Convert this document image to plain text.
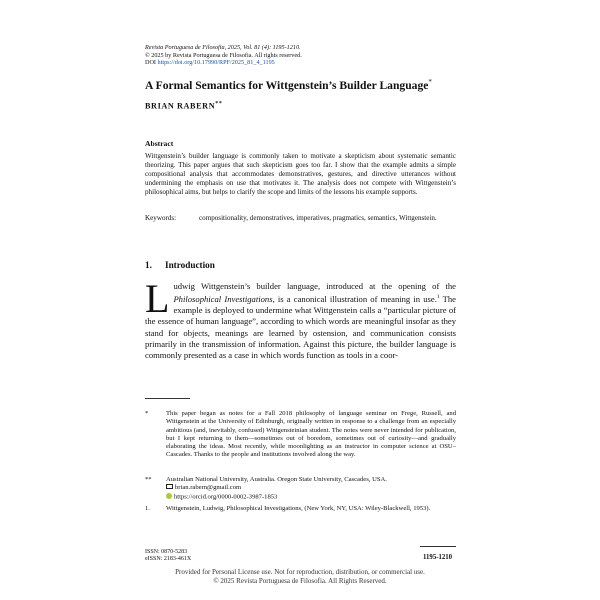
Revista Portuguesa de Filosofia, 2025, Vol. 81 (4): 1195-1210.
© 2025 by Revista Portuguesa de Filosofia. All rights reserved.
DOI https://doi.org/10.17990/RPF/2025_81_4_1195
A Formal Semantics for Wittgenstein’s Builder Language*
BRIAN RABERN**
Abstract

Wittgenstein’s builder language is commonly taken to motivate a skepticism about systematic semantic theorizing. This paper argues that such skepticism goes too far. I show that the example admits a simple compositional analysis that accommodates demonstratives, gestures, and directive utterances without undermining the emphasis on use that motivates it. The analysis does not compete with Wittgenstein’s philosophical aims, but helps to clarify the scope and limits of the lessons his example supports.

Keywords:	compositionality, demonstratives, imperatives, pragmatics, semantics, Wittgenstein.
1. Introduction

Ludwig Wittgenstein’s builder language, introduced at the opening of the Philosophical Investigations, is a canonical illustration of meaning in use.$^1$ The example is deployed to undermine what Wittgenstein calls a “particular picture of the essence of human language”, according to which words are meaningful insofar as they stand for objects, meanings are learned by ostension, and communication consists primarily in the transmission of information. Against this picture, the builder language is commonly presented as a case in which words function as tools in a coor-

*	This paper began as notes for a Fall 2018 philosophy of language seminar on Frege, Russell, and Wittgenstein at the University of Edinburgh, originally written in response to a challenge from an especially ambitious (and, inevitably, confused) Wittgensteinian student. The notes were never intended for publication, but I kept returning to them—sometimes out of boredom, sometimes out of curiosity—and gradually elaborating the ideas. Most recently, while moonlighting as an instructor in computer science at OSU–Cascades. Thanks to the people and institutions involved along the way.
**	Australian National University, Australia. Oregon State University, Cascades, USA.
brian.rabern@gmail.com
https://orcid.org/0000-0002-3987-1853
1.	Wittgenstein, Ludwig, Philosophical Investigations, (New York, NY, USA: Wiley-Blackwell, 1953).
ISSN: 0870-5283
eISSN: 2183-461X	1195-1210
Provided for Personal License use. Not for reproduction, distribution, or commercial use.
© 2025 Revista Portuguesa de Filosofia. All Rights Reserved.
